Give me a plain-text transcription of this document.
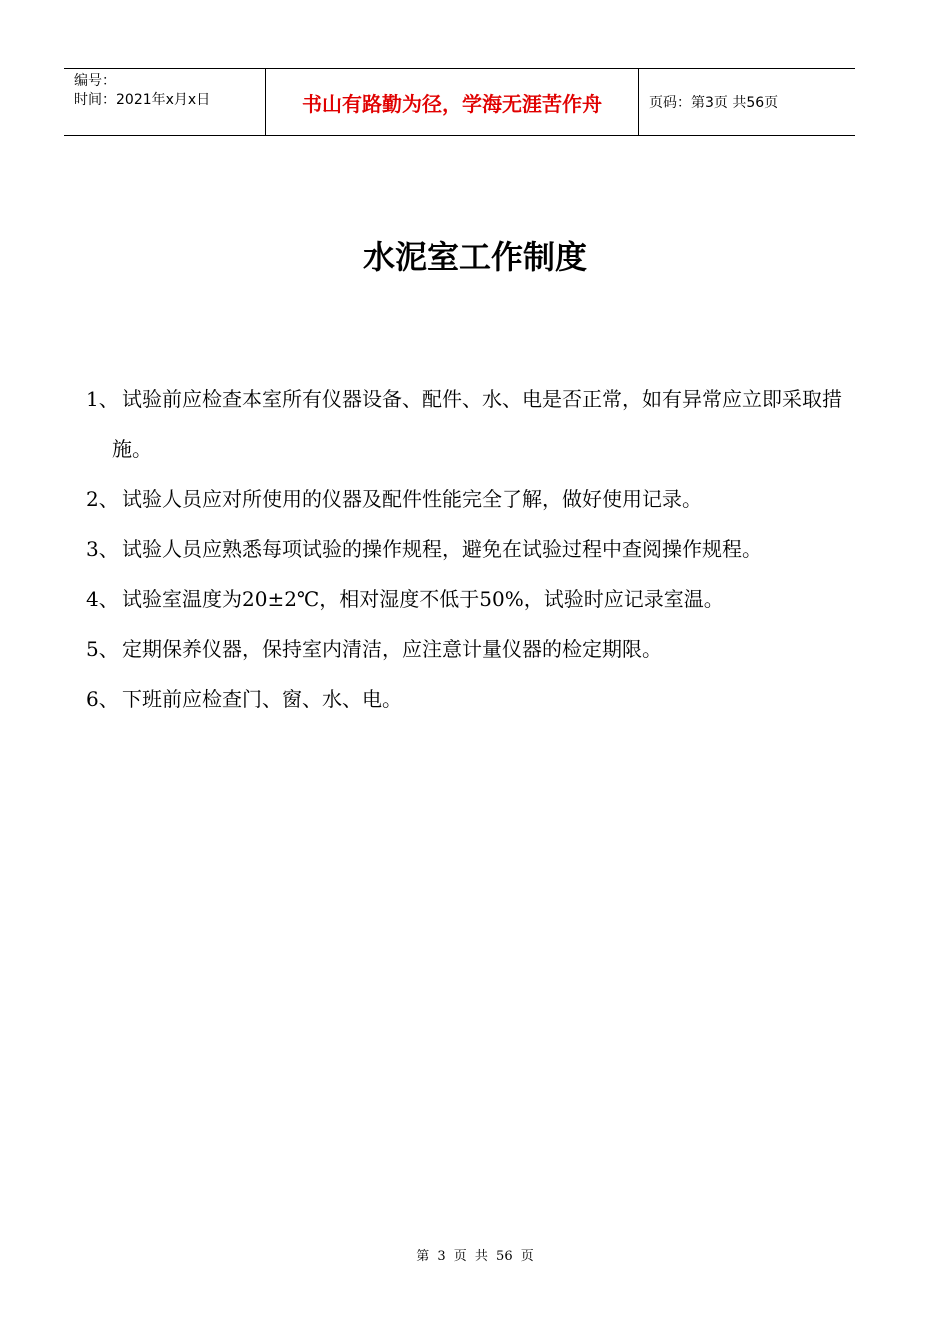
编号：
时间：2021年x月x日	书山有路勤为径，学海无涯苦作舟	页码：第3页 共56页
水泥室工作制度

1、 试验前应检查本室所有仪器设备、配件、水、电是否正常，如有异常应立即采取措施。

2、 试验人员应对所使用的仪器及配件性能完全了解，做好使用记录。

3、 试验人员应熟悉每项试验的操作规程，避免在试验过程中查阅操作规程。

4、 试验室温度为20±2℃，相对湿度不低于50%，试验时应记录室温。

5、 定期保养仪器，保持室内清洁，应注意计量仪器的检定期限。

6、 下班前应检查门、窗、水、电。

第 3 页 共 56 页
